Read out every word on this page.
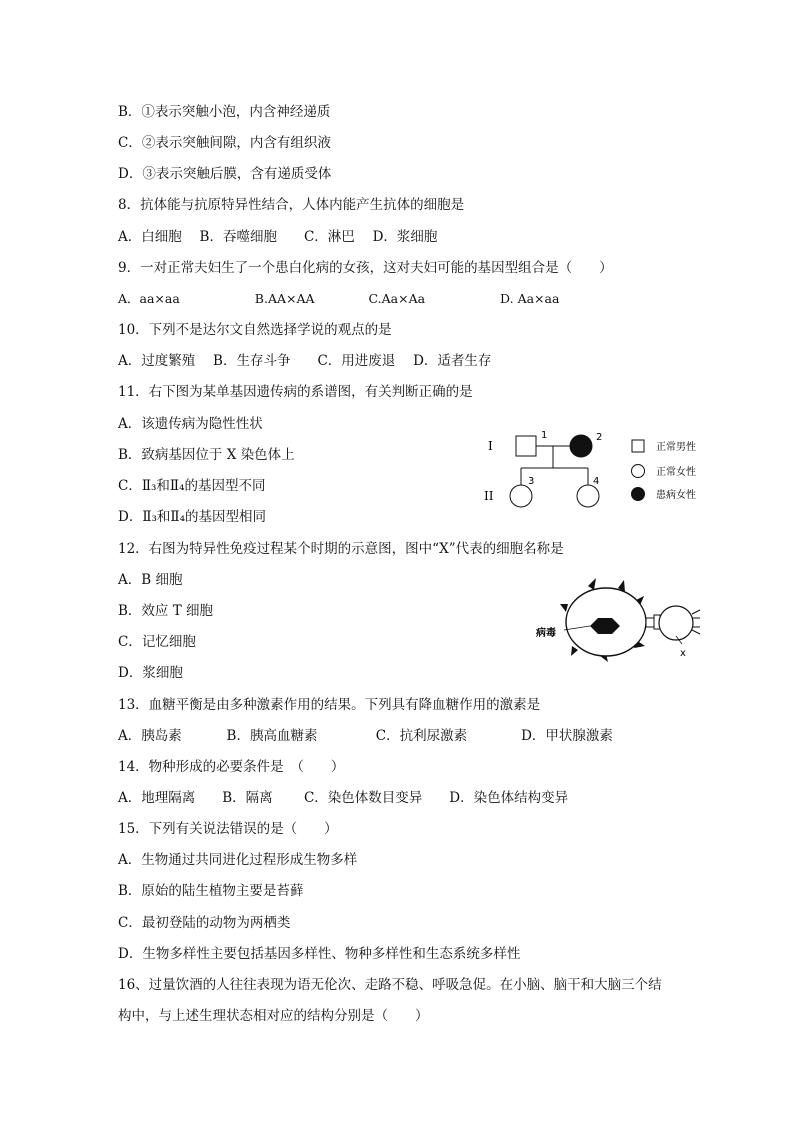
B．①表示突触小泡，内含神经递质

C．②表示突触间隙，内含有组织液

D．③表示突触后膜，含有递质受体

8．抗体能与抗原特异性结合，人体内能产生抗体的细胞是

A．白细胞　 B．吞噬细胞　　C．淋巴　 D．浆细胞

9．一对正常夫妇生了一个患白化病的女孩，这对夫妇可能的基因型组合是（　　）

A．aa×aa　　　　　　B.AA×AA　　　　 C.Aa×Aa　　　　　　D. Aa×aa

10．下列不是达尔文自然选择学说的观点的是

A．过度繁殖　 B．生存斗争　　C．用进废退　 D．适者生存

11．右下图为某单基因遗传病的系谱图，有关判断正确的是

A．该遗传病为隐性性状

B．致病基因位于 X 染色体上

C．Ⅱ₃和Ⅱ₄的基因型不同

D．Ⅱ₃和Ⅱ₄的基因型相同

12．右图为特异性免疫过程某个时期的示意图，图中“X”代表的细胞名称是

A．B 细胞

B．效应 T 细胞

C．记忆细胞

D．浆细胞

13．血糖平衡是由多种激素作用的结果。下列具有降血糖作用的激素是

A．胰岛素　　　 B．胰高血糖素　　　　 C．抗利尿激素　　　　D．甲状腺激素

14．物种形成的必要条件是　（　　）

A．地理隔离　　B．隔离　　 C．染色体数目变异　　D．染色体结构变异

15．下列有关说法错误的是（　　）

A．生物通过共同进化过程形成生物多样

B．原始的陆生植物主要是苔藓

C．最初登陆的动物为两栖类

D．生物多样性主要包括基因多样性、物种多样性和生态系统多样性

16、过量饮酒的人往往表现为语无伦次、走路不稳、呼吸急促。在小脑、脑干和大脑三个结

构中，与上述生理状态相对应的结构分别是（　　）

I
II
1	2
3	4
正常男性
正常女性
患病女性
病毒
x
